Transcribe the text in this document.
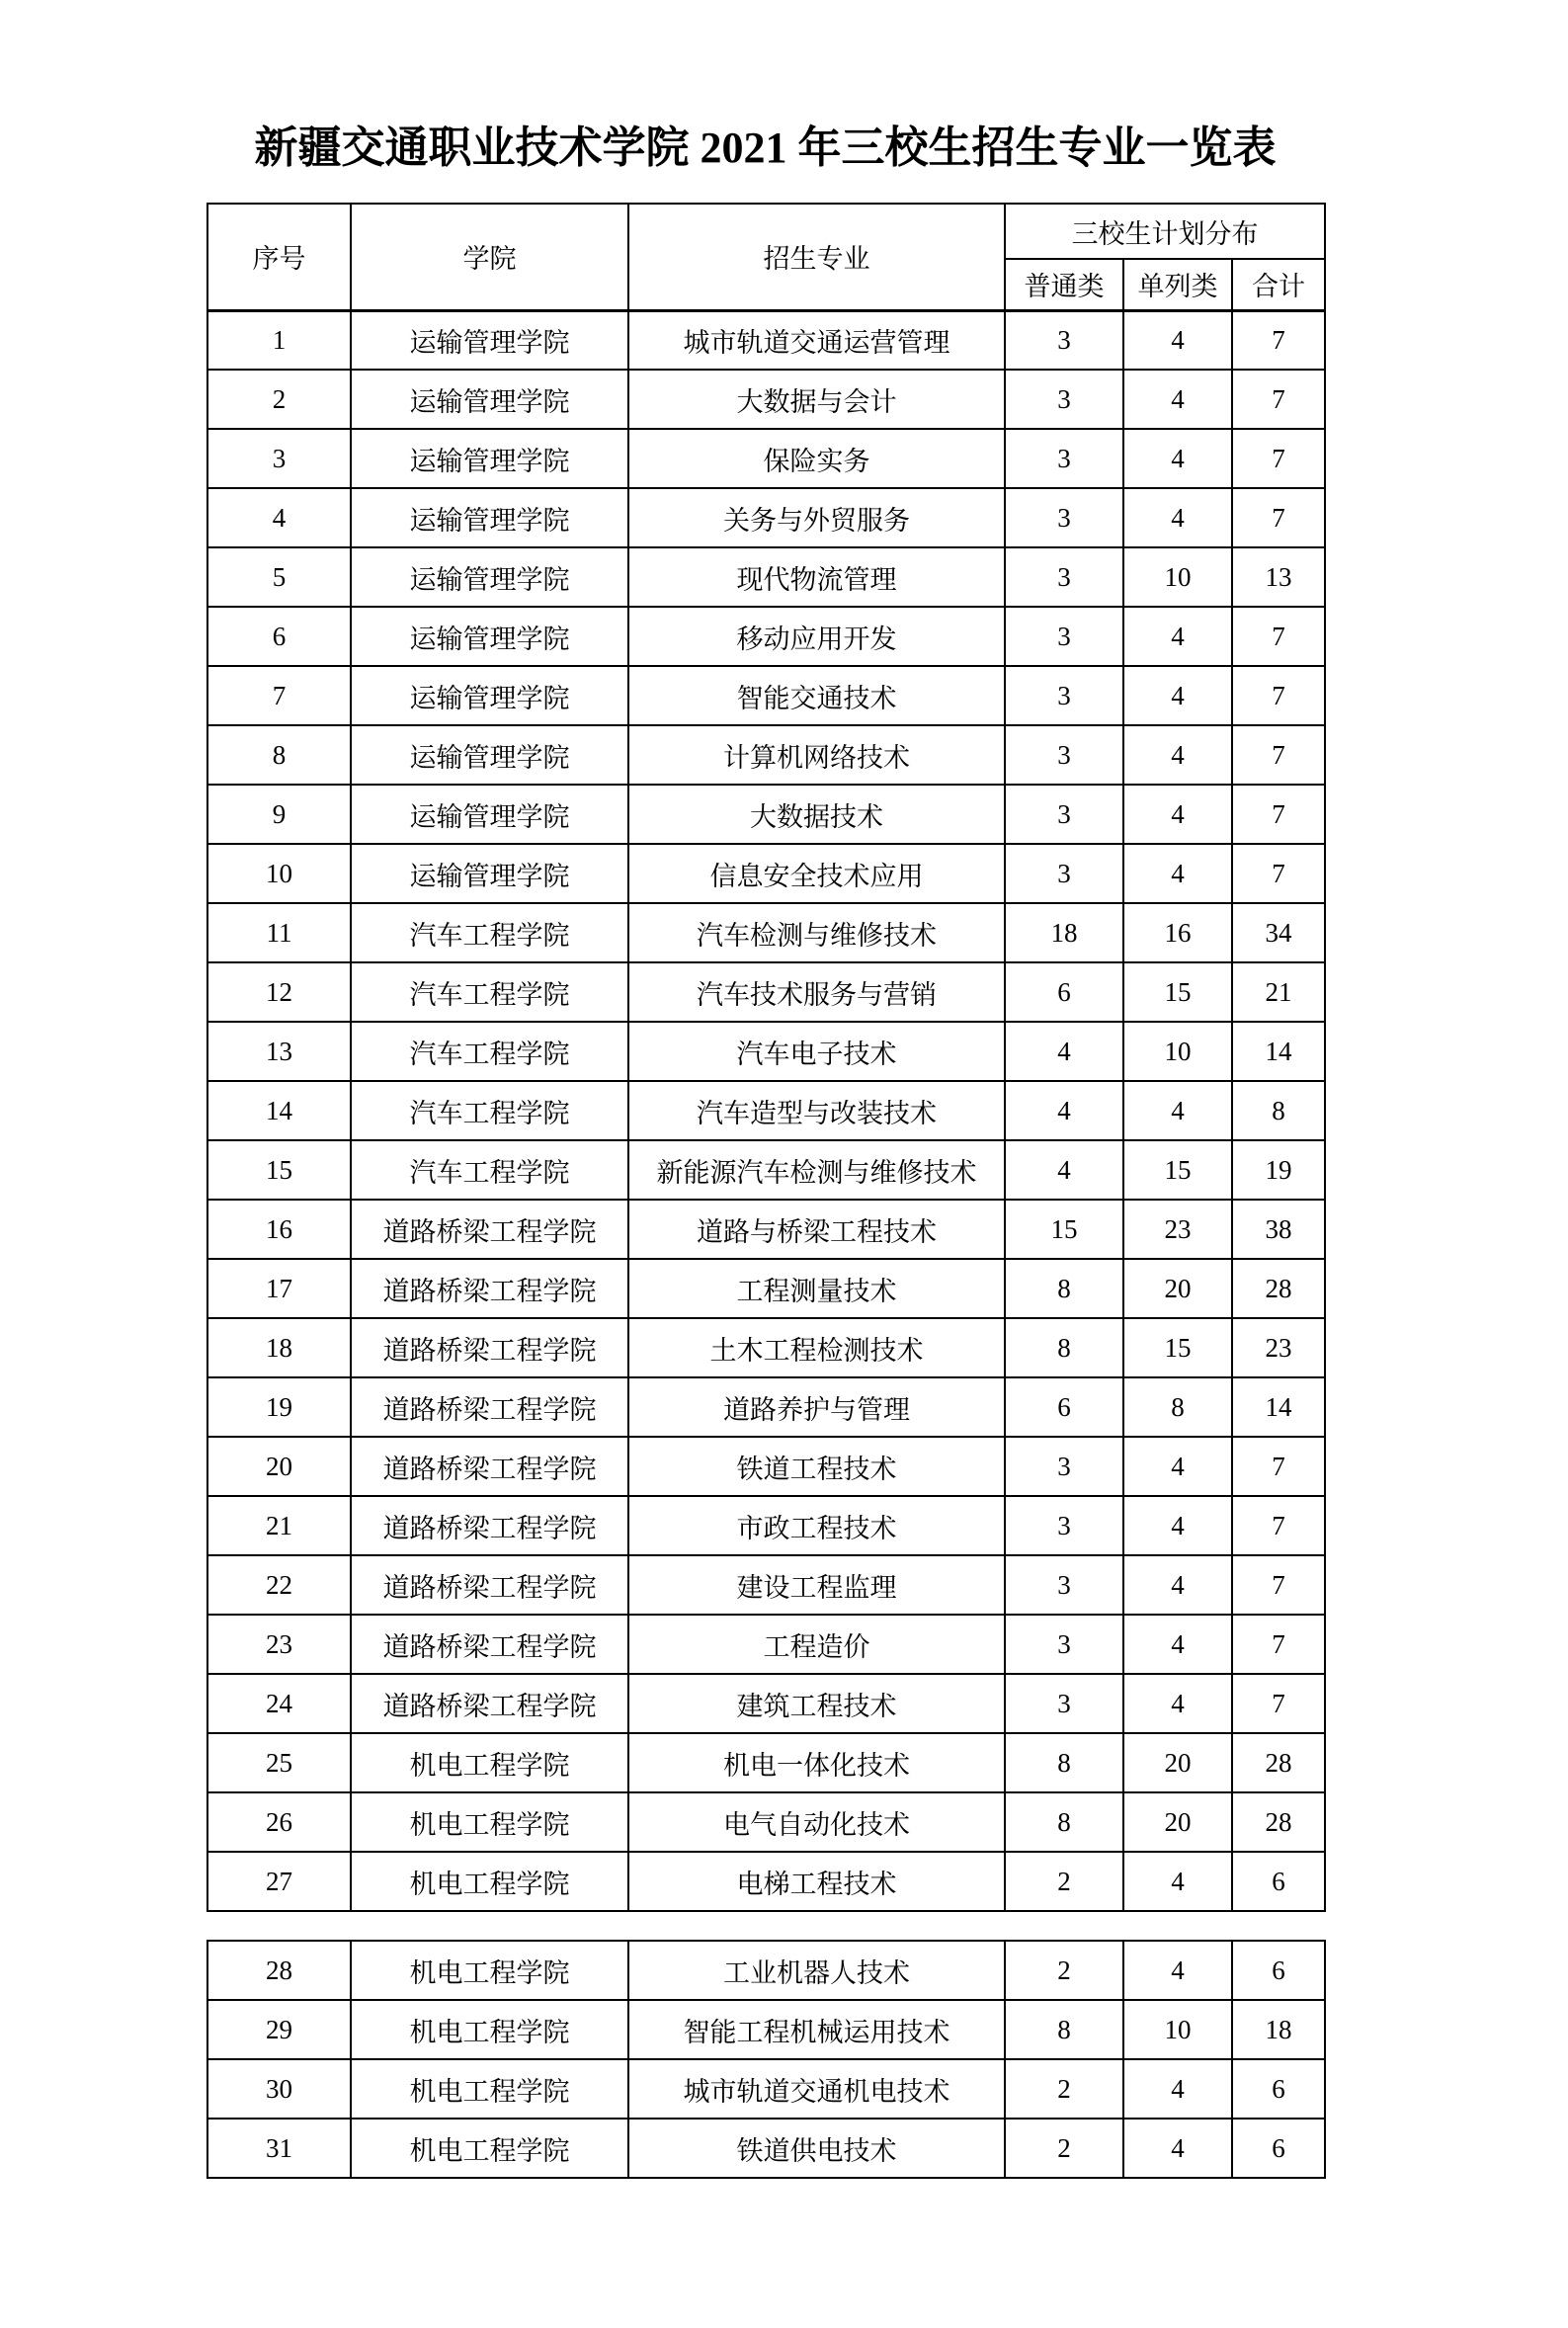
新疆交通职业技术学院 2021 年三校生招生专业一览表
序号	学院	招生专业	三校生计划分布		
			普通类	单列类	合计
1	运输管理学院	城市轨道交通运营管理	3	4	7
2	运输管理学院	大数据与会计	3	4	7
3	运输管理学院	保险实务	3	4	7
4	运输管理学院	关务与外贸服务	3	4	7
5	运输管理学院	现代物流管理	3	10	13
6	运输管理学院	移动应用开发	3	4	7
7	运输管理学院	智能交通技术	3	4	7
8	运输管理学院	计算机网络技术	3	4	7
9	运输管理学院	大数据技术	3	4	7
10	运输管理学院	信息安全技术应用	3	4	7
11	汽车工程学院	汽车检测与维修技术	18	16	34
12	汽车工程学院	汽车技术服务与营销	6	15	21
13	汽车工程学院	汽车电子技术	4	10	14
14	汽车工程学院	汽车造型与改装技术	4	4	8
15	汽车工程学院	新能源汽车检测与维修技术	4	15	19
16	道路桥梁工程学院	道路与桥梁工程技术	15	23	38
17	道路桥梁工程学院	工程测量技术	8	20	28
18	道路桥梁工程学院	土木工程检测技术	8	15	23
19	道路桥梁工程学院	道路养护与管理	6	8	14
20	道路桥梁工程学院	铁道工程技术	3	4	7
21	道路桥梁工程学院	市政工程技术	3	4	7
22	道路桥梁工程学院	建设工程监理	3	4	7
23	道路桥梁工程学院	工程造价	3	4	7
24	道路桥梁工程学院	建筑工程技术	3	4	7
25	机电工程学院	机电一体化技术	8	20	28
26	机电工程学院	电气自动化技术	8	20	28
27	机电工程学院	电梯工程技术	2	4	6
28	机电工程学院	工业机器人技术	2	4	6
29	机电工程学院	智能工程机械运用技术	8	10	18
30	机电工程学院	城市轨道交通机电技术	2	4	6
31	机电工程学院	铁道供电技术	2	4	6
